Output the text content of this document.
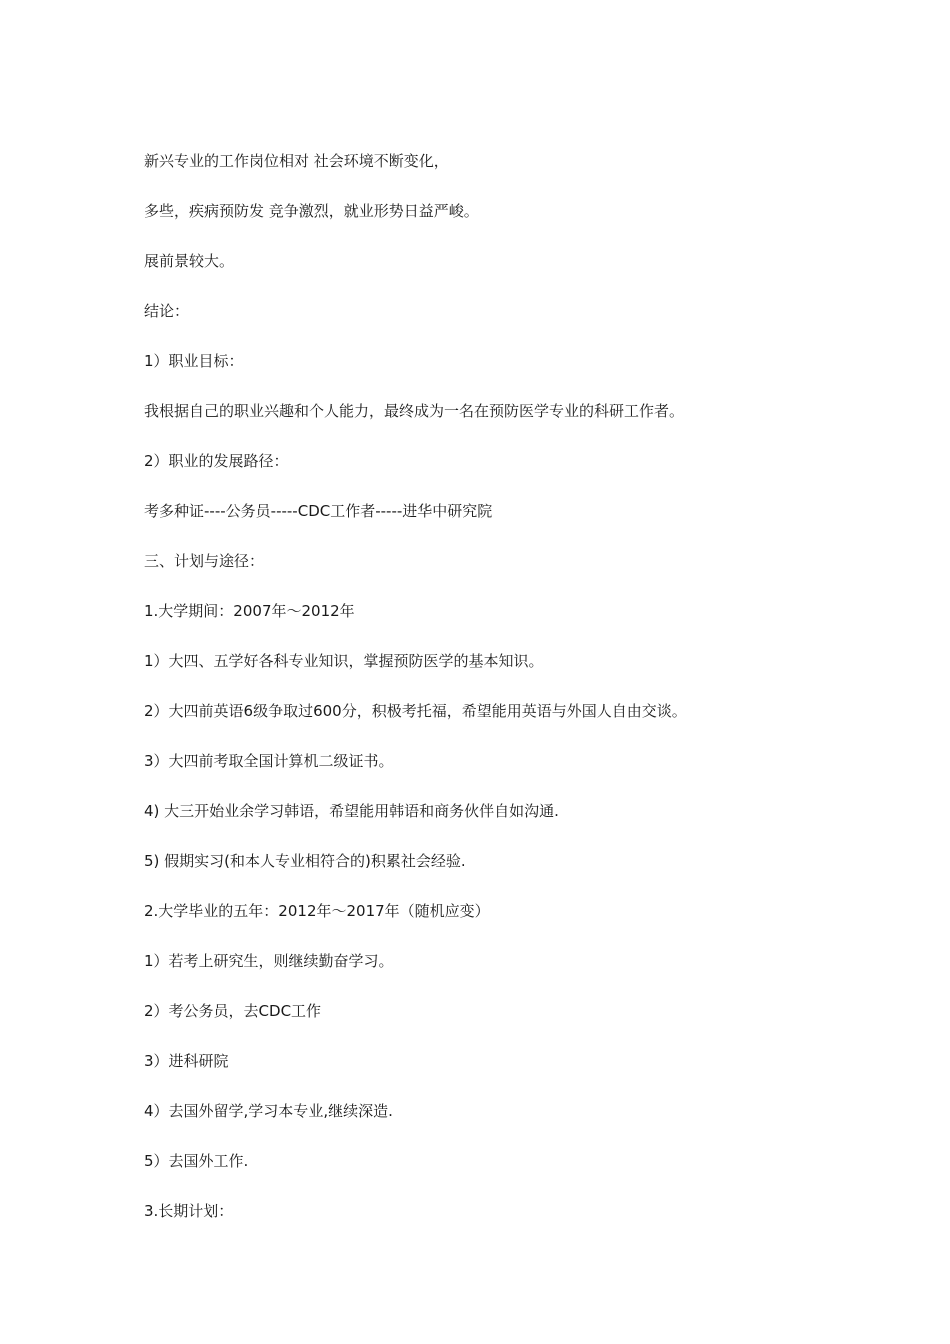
新兴专业的工作岗位相对 社会环境不断变化，

多些，疾病预防发 竞争激烈，就业形势日益严峻。

展前景较大。

结论：

1）职业目标：

我根据自己的职业兴趣和个人能力，最终成为一名在预防医学专业的科研工作者。

2）职业的发展路径：

考多种证----公务员-----CDC工作者-----进华中研究院

三、计划与途径：

1.大学期间：2007年～2012年

1）大四、五学好各科专业知识，掌握预防医学的基本知识。

2）大四前英语6级争取过600分，积极考托福，希望能用英语与外国人自由交谈。

3）大四前考取全国计算机二级证书。

4) 大三开始业余学习韩语，希望能用韩语和商务伙伴自如沟通.

5) 假期实习(和本人专业相符合的)积累社会经验.

2.大学毕业的五年：2012年～2017年（随机应变）

1）若考上研究生，则继续勤奋学习。

2）考公务员，去CDC工作

3）进科研院

4）去国外留学,学习本专业,继续深造.

5）去国外工作.

3.长期计划：
